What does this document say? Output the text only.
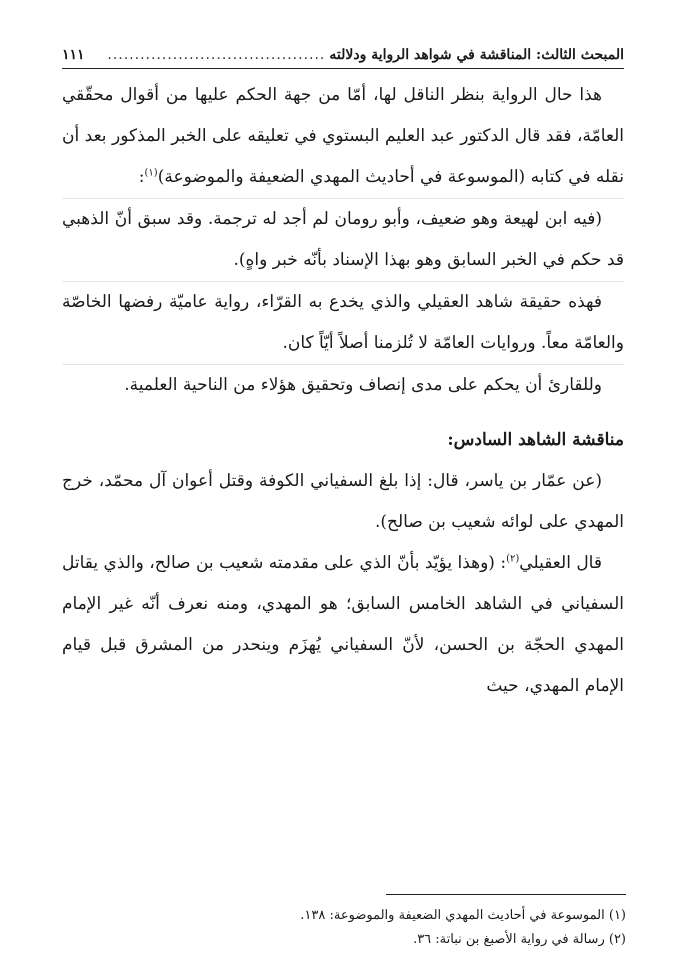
المبحث الثالث: المناقشة في شواهد الرواية ودلالته
........................................
١١١

هذا حال الرواية بنظر الناقل لها، أمّا من جهة الحكم عليها من أقوال محقّقي العامّة، فقد قال الدكتور عبد العليم البستوي في تعليقه على الخبر المذكور بعد أن نقله في كتابه (الموسوعة في أحاديث المهدي الضعيفة والموضوعة)$^{(١)}$:

(فيه ابن لهيعة وهو ضعيف، وأبو رومان لم أجد له ترجمة. وقد سبق أنّ الذهبي قد حكم في الخبر السابق وهو بهذا الإسناد بأنّه خبر واهٍ).

فهذه حقيقة شاهد العقيلي والذي يخدع به القرّاء، رواية عاميّة رفضها الخاصّة والعامّة معاً. وروايات العامّة لا تُلزمنا أصلاً أيّاً كان.

وللقارئ أن يحكم على مدى إنصاف وتحقيق هؤلاء من الناحية العلمية.

مناقشة الشاهد السادس:

(عن عمّار بن ياسر، قال: إذا بلغ السفياني الكوفة وقتل أعوان آل محمّد، خرج المهدي على لوائه شعيب بن صالح).

قال العقيلي$^{(٢)}$: (وهذا يؤيّد بأنّ الذي على مقدمته شعيب بن صالح، والذي يقاتل السفياني في الشاهد الخامس السابق؛ هو المهدي، ومنه نعرف أنّه غير الإمام المهدي الحجّة بن الحسن، لأنّ السفياني يُهزَم وينحدر من المشرق قبل قيام الإمام المهدي، حيث

(١) الموسوعة في أحاديث المهدي الضعيفة والموضوعة: ١٣٨.
(٢) رسالة في رواية الأصبغ بن نباتة: ٣٦.
